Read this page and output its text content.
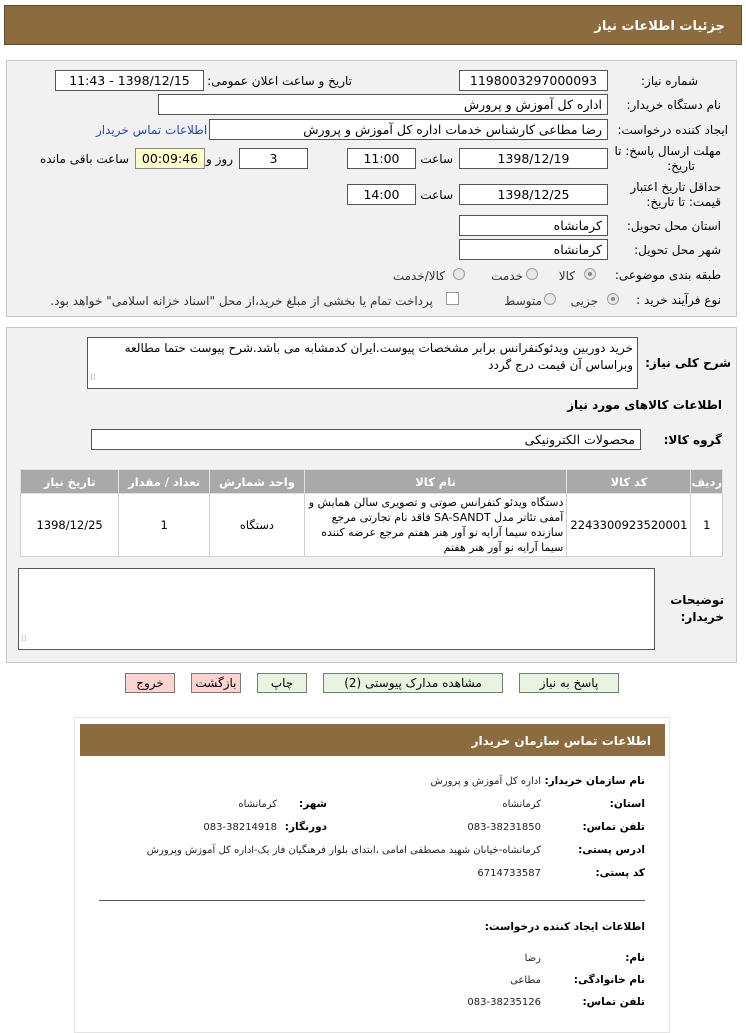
جزئیات اطلاعات نیاز
شماره نیاز:
1198003297000093
تاریخ و ساعت اعلان عمومی:
1398/12/15 - 11:43
نام دستگاه خریدار:
اداره کل آموزش و پرورش
ایجاد کننده درخواست:
رضا مطاعی کارشناس خدمات اداره کل آموزش و پرورش
اطلاعات تماس خریدار
مهلت ارسال پاسخ: تا
تاریخ:
1398/12/19
ساعت
11:00
3
روز و
00:09:46
ساعت باقی مانده
حداقل تاریخ اعتبار
قیمت: تا تاریخ:
1398/12/25
ساعت
14:00
استان محل تحویل:
کرمانشاه
شهر محل تحویل:
کرمانشاه
طبقه بندی موضوعی:
کالا
خدمت
کالا/خدمت
نوع فرآیند خرید :
جزیی
متوسط
پرداخت تمام یا بخشی از مبلغ خرید،از محل "اسناد خزانه اسلامی" خواهد بود.
شرح کلی نیاز:
خرید دوربین ویدئوکنفرانس برابر مشخصات پیوست.ایران کدمشابه می باشد.شرح پیوست حتما مطالعه وبراساس آن قیمت درج گردد
⁞⁞
اطلاعات کالاهای مورد نیاز
گروه کالا:
محصولات الکترونیکی
ردیف	کد کالا	نام کالا	واحد شمارش	تعداد / مقدار	تاریخ نیاز
1	2243300923520001	دستگاه ویدئو کنفرانس صوتی و تصویری سالن همایش و آمفی تئاتر مدل SA-SANDT فاقد نام تجارتی مرجع سازنده سیما آرایه نو آور هنر هفتم مرجع عرضه کننده سیما آرایه نو آور هنر هفتم	دستگاه	1	1398/12/25
توضیحات
خریدار:
⁞⁞
پاسخ به نیاز
مشاهده مدارک پیوستی (2)
چاپ
بازگشت
خروج
اطلاعات تماس سازمان خریدار
نام سازمان خریدار:
اداره کل آموزش و پرورش
استان:
کرمانشاه
شهر:
کرمانشاه
تلفن تماس:
083-38231850
دورنگار:
083-38214918
ادرس پستی:
کرمانشاه-خیابان شهید مصطفی امامی ،ابتدای بلوار فرهنگیان فاز یک-اداره کل آموزش وپرورش
کد پستی:
6714733587
اطلاعات ایجاد کننده درخواست:
نام:
رضا
نام خانوادگی:
مطاعی
تلفن تماس:
083-38235126
